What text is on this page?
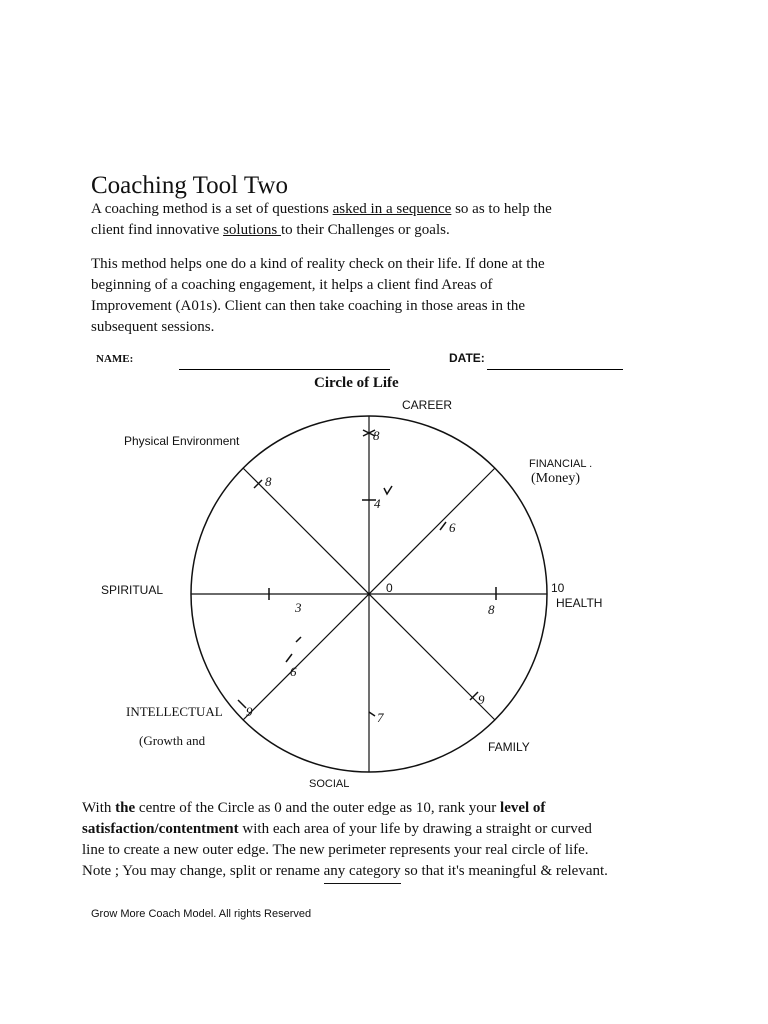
Coaching Tool Two
A coaching method is a set of questions asked in a sequence so as to help the
client find innovative solutions to their Challenges or goals.
This method helps one do a kind of reality check on their life. If done at the
beginning of a coaching engagement, it helps a client find Areas of
Improvement (A01s). Client can then take coaching in those areas in the
subsequent sessions.
NAME:	DATE:
Circle of Life
8
4
8
6
3	8
6
9	7
9
CAREER
Physical Environment
FINANCIAL .
(Money)
SPIRITUAL	0	10
HEALTH
INTELLECTUAL
(Growth and	FAMILY
SOCIAL
With the centre of the Circle as 0 and the outer edge as 10, rank your level of
satisfaction/contentment with each area of your life by drawing a straight or curved
line to create a new outer edge. The new perimeter represents your real circle of life.
Note ; You may change, split or rename any category so that it's meaningful & relevant.
Grow More Coach Model. All rights Reserved
